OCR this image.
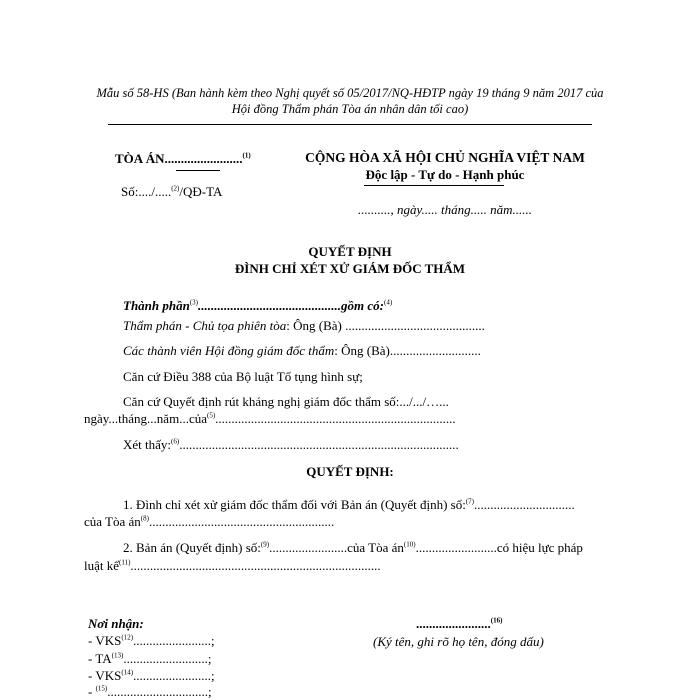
Mẫu số 58-HS (Ban hành kèm theo Nghị quyết số 05/2017/NQ-HĐTP ngày 19 tháng 9 năm 2017 của
Hội đồng Thẩm phán Tòa án nhân dân tối cao)
TÒA ÁN........................$^{(1)}$
Số:..../.....$^{(2)}$/QĐ-TA
CỘNG HÒA XÃ HỘI CHỦ NGHĨA VIỆT NAM
Độc lập - Tự do - Hạnh phúc
.........., ngày..... tháng..... năm......
QUYẾT ĐỊNH
ĐÌNH CHỈ XÉT XỬ GIÁM ĐỐC THẨM
Thành phần$^{(3)}$............................................gồm có:$^{(4)}$
Thẩm phán - Chủ tọa phiên tòa: Ông (Bà) ...........................................
Các thành viên Hội đồng giám đốc thẩm: Ông (Bà)............................
Căn cứ Điều 388 của Bộ luật Tố tụng hình sự;
Căn cứ Quyết định rút kháng nghị giám đốc thẩm số:.../.../…...
ngày...tháng...năm...của$^{(5)}$..........................................................................
Xét thấy:$^{(6)}$......................................................................................
QUYẾT ĐỊNH:
1. Đình chỉ xét xử giám đốc thẩm đối với Bản án (Quyết định) số:$^{(7)}$...............................
của Tòa $án^{(8)}$.........................................................
2. Bản án (Quyết định) số:$^{(9)}$........................của Tòa $án^{(10)}.........................có$ hiệu lực pháp
luật kể$^{(11)}$.............................................................................
Nơi nhận:
- VKS$^{(12)}$........................;
- TA$^{(13)}$..........................;
- VKS$^{(14)}$........................;
- $^{(15)}$...............................;
.......................$^{(16)}$
(Ký tên, ghi rõ họ tên, đóng dấu)
